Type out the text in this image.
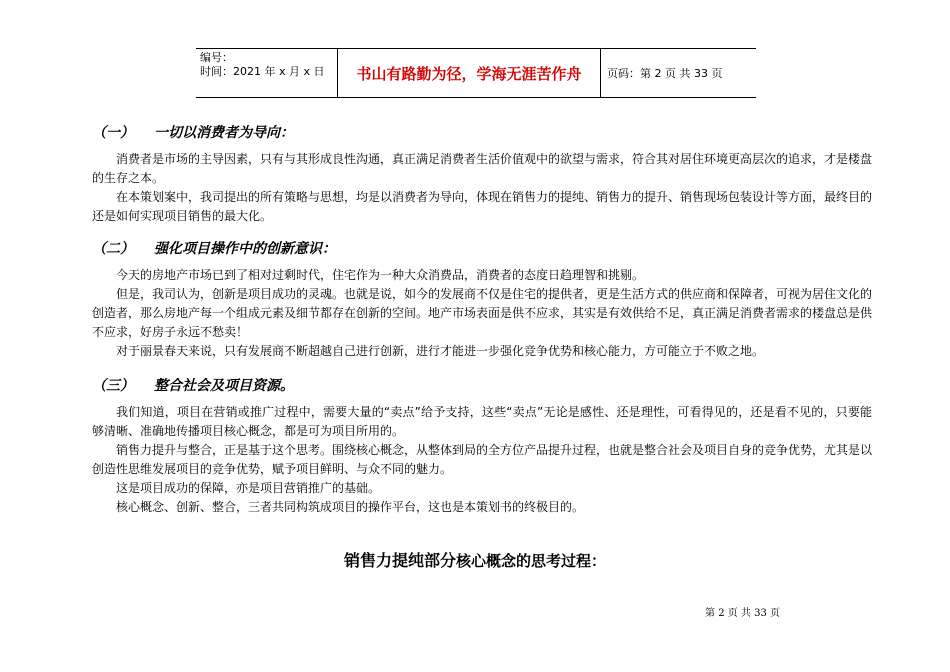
编号：
时间：2021 年 x 月 x 日	书山有路勤为径，学海无涯苦作舟	页码：第 2 页 共 33 页
（一） 一切以消费者为导向：

消费者是市场的主导因素，只有与其形成良性沟通，真正满足消费者生活价值观中的欲望与需求，符合其对居住环境更高层次的追求，才是楼盘的生存之本。

在本策划案中，我司提出的所有策略与思想，均是以消费者为导向，体现在销售力的提纯、销售力的提升、销售现场包装设计等方面，最终目的还是如何实现项目销售的最大化。

（二） 强化项目操作中的创新意识：

今天的房地产市场已到了相对过剩时代，住宅作为一种大众消费品，消费者的态度日趋理智和挑剔。

但是，我司认为，创新是项目成功的灵魂。也就是说，如今的发展商不仅是住宅的提供者，更是生活方式的供应商和保障者，可视为居住文化的创造者，那么房地产每一个组成元素及细节都存在创新的空间。地产市场表面是供不应求，其实是有效供给不足，真正满足消费者需求的楼盘总是供不应求，好房子永远不愁卖！

对于丽景春天来说，只有发展商不断超越自己进行创新，进行才能进一步强化竞争优势和核心能力，方可能立于不败之地。

（三） 整合社会及项目资源。

我们知道，项目在营销或推广过程中，需要大量的“卖点”给予支持，这些“卖点”无论是感性、还是理性，可看得见的，还是看不见的，只要能够清晰、准确地传播项目核心概念，都是可为项目所用的。

销售力提升与整合，正是基于这个思考。围绕核心概念，从整体到局的全方位产品提升过程，也就是整合社会及项目自身的竞争优势，尤其是以创造性思维发展项目的竞争优势，赋予项目鲜明、与众不同的魅力。

这是项目成功的保障，亦是项目营销推广的基础。

核心概念、创新、整合，三者共同构筑成项目的操作平台，这也是本策划书的终极目的。

销售力提纯部分核心概念的思考过程：
第 2 页 共 33 页
